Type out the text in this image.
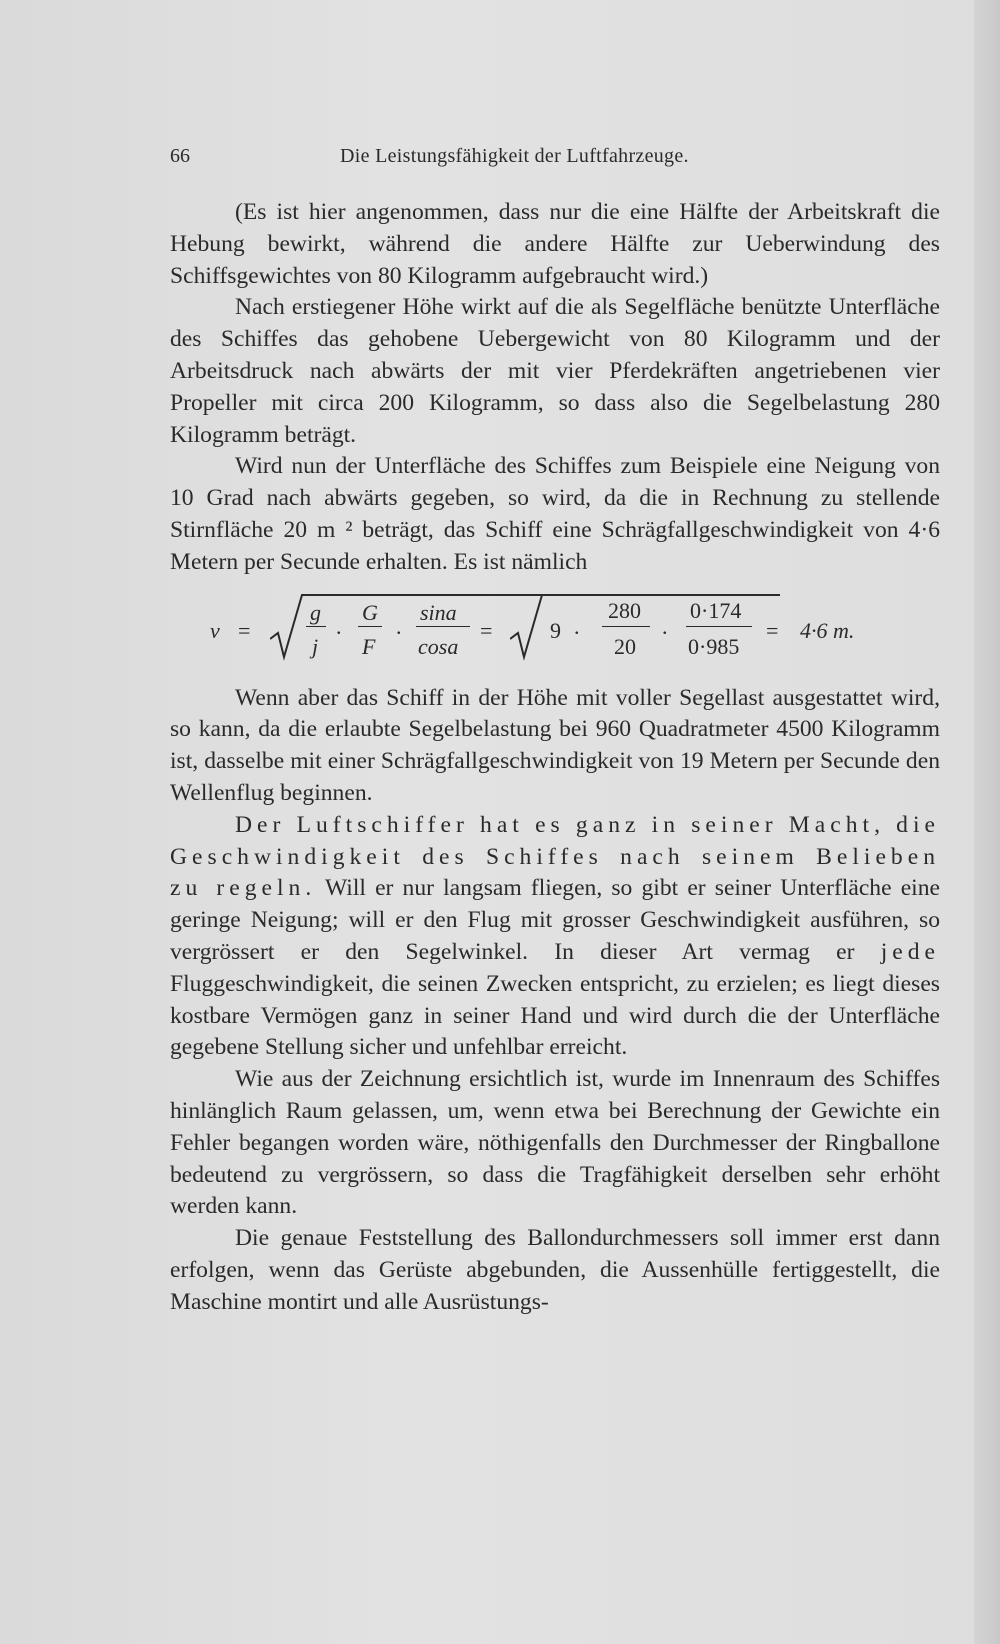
66	Die Leistungsfähigkeit der Luftfahrzeuge.

(Es ist hier angenommen, dass nur die eine Hälfte der Arbeitskraft die Hebung bewirkt, während die andere Hälfte zur Ueberwindung des Schiffsgewichtes von 80 Kilogramm aufgebraucht wird.)

Nach erstiegener Höhe wirkt auf die als Segelfläche benützte Unterfläche des Schiffes das gehobene Uebergewicht von 80 Kilogramm und der Arbeitsdruck nach abwärts der mit vier Pferdekräften angetriebenen vier Propeller mit circa 200 Kilogramm, so dass also die Segelbelastung 280 Kilogramm beträgt.

Wird nun der Unterfläche des Schiffes zum Beispiele eine Neigung von 10 Grad nach abwärts gegeben, so wird, da die in Rechnung zu stellende Stirnfläche 20 m ² beträgt, das Schiff eine Schrägfallgeschwindigkeit von 4·6 Metern per Secunde erhalten. Es ist nämlich

v =
g
j
.
G
F
.
sina
cosa
=	9 .
280
20
.
0·174
0·985
= 4·6 m.

Wenn aber das Schiff in der Höhe mit voller Segellast ausgestattet wird, so kann, da die erlaubte Segelbelastung bei 960 Quadratmeter 4500 Kilogramm ist, dasselbe mit einer Schrägfallgeschwindigkeit von 19 Metern per Secunde den Wellenflug beginnen.

Der Luftschiffer hat es ganz in seiner Macht, die Geschwindigkeit des Schiffes nach seinem Belieben zu regeln. Will er nur langsam fliegen, so gibt er seiner Unterfläche eine geringe Neigung; will er den Flug mit grosser Geschwindigkeit ausführen, so vergrössert er den Segelwinkel. In dieser Art vermag er jede Fluggeschwindigkeit, die seinen Zwecken entspricht, zu erzielen; es liegt dieses kostbare Vermögen ganz in seiner Hand und wird durch die der Unterfläche gegebene Stellung sicher und unfehlbar erreicht.

Wie aus der Zeichnung ersichtlich ist, wurde im Innenraum des Schiffes hinlänglich Raum gelassen, um, wenn etwa bei Berechnung der Gewichte ein Fehler begangen worden wäre, nöthigenfalls den Durchmesser der Ringballone bedeutend zu vergrössern, so dass die Tragfähigkeit derselben sehr erhöht werden kann.

Die genaue Feststellung des Ballondurchmessers soll immer erst dann erfolgen, wenn das Gerüste abgebunden, die Aussenhülle fertiggestellt, die Maschine montirt und alle Ausrüstungs-
